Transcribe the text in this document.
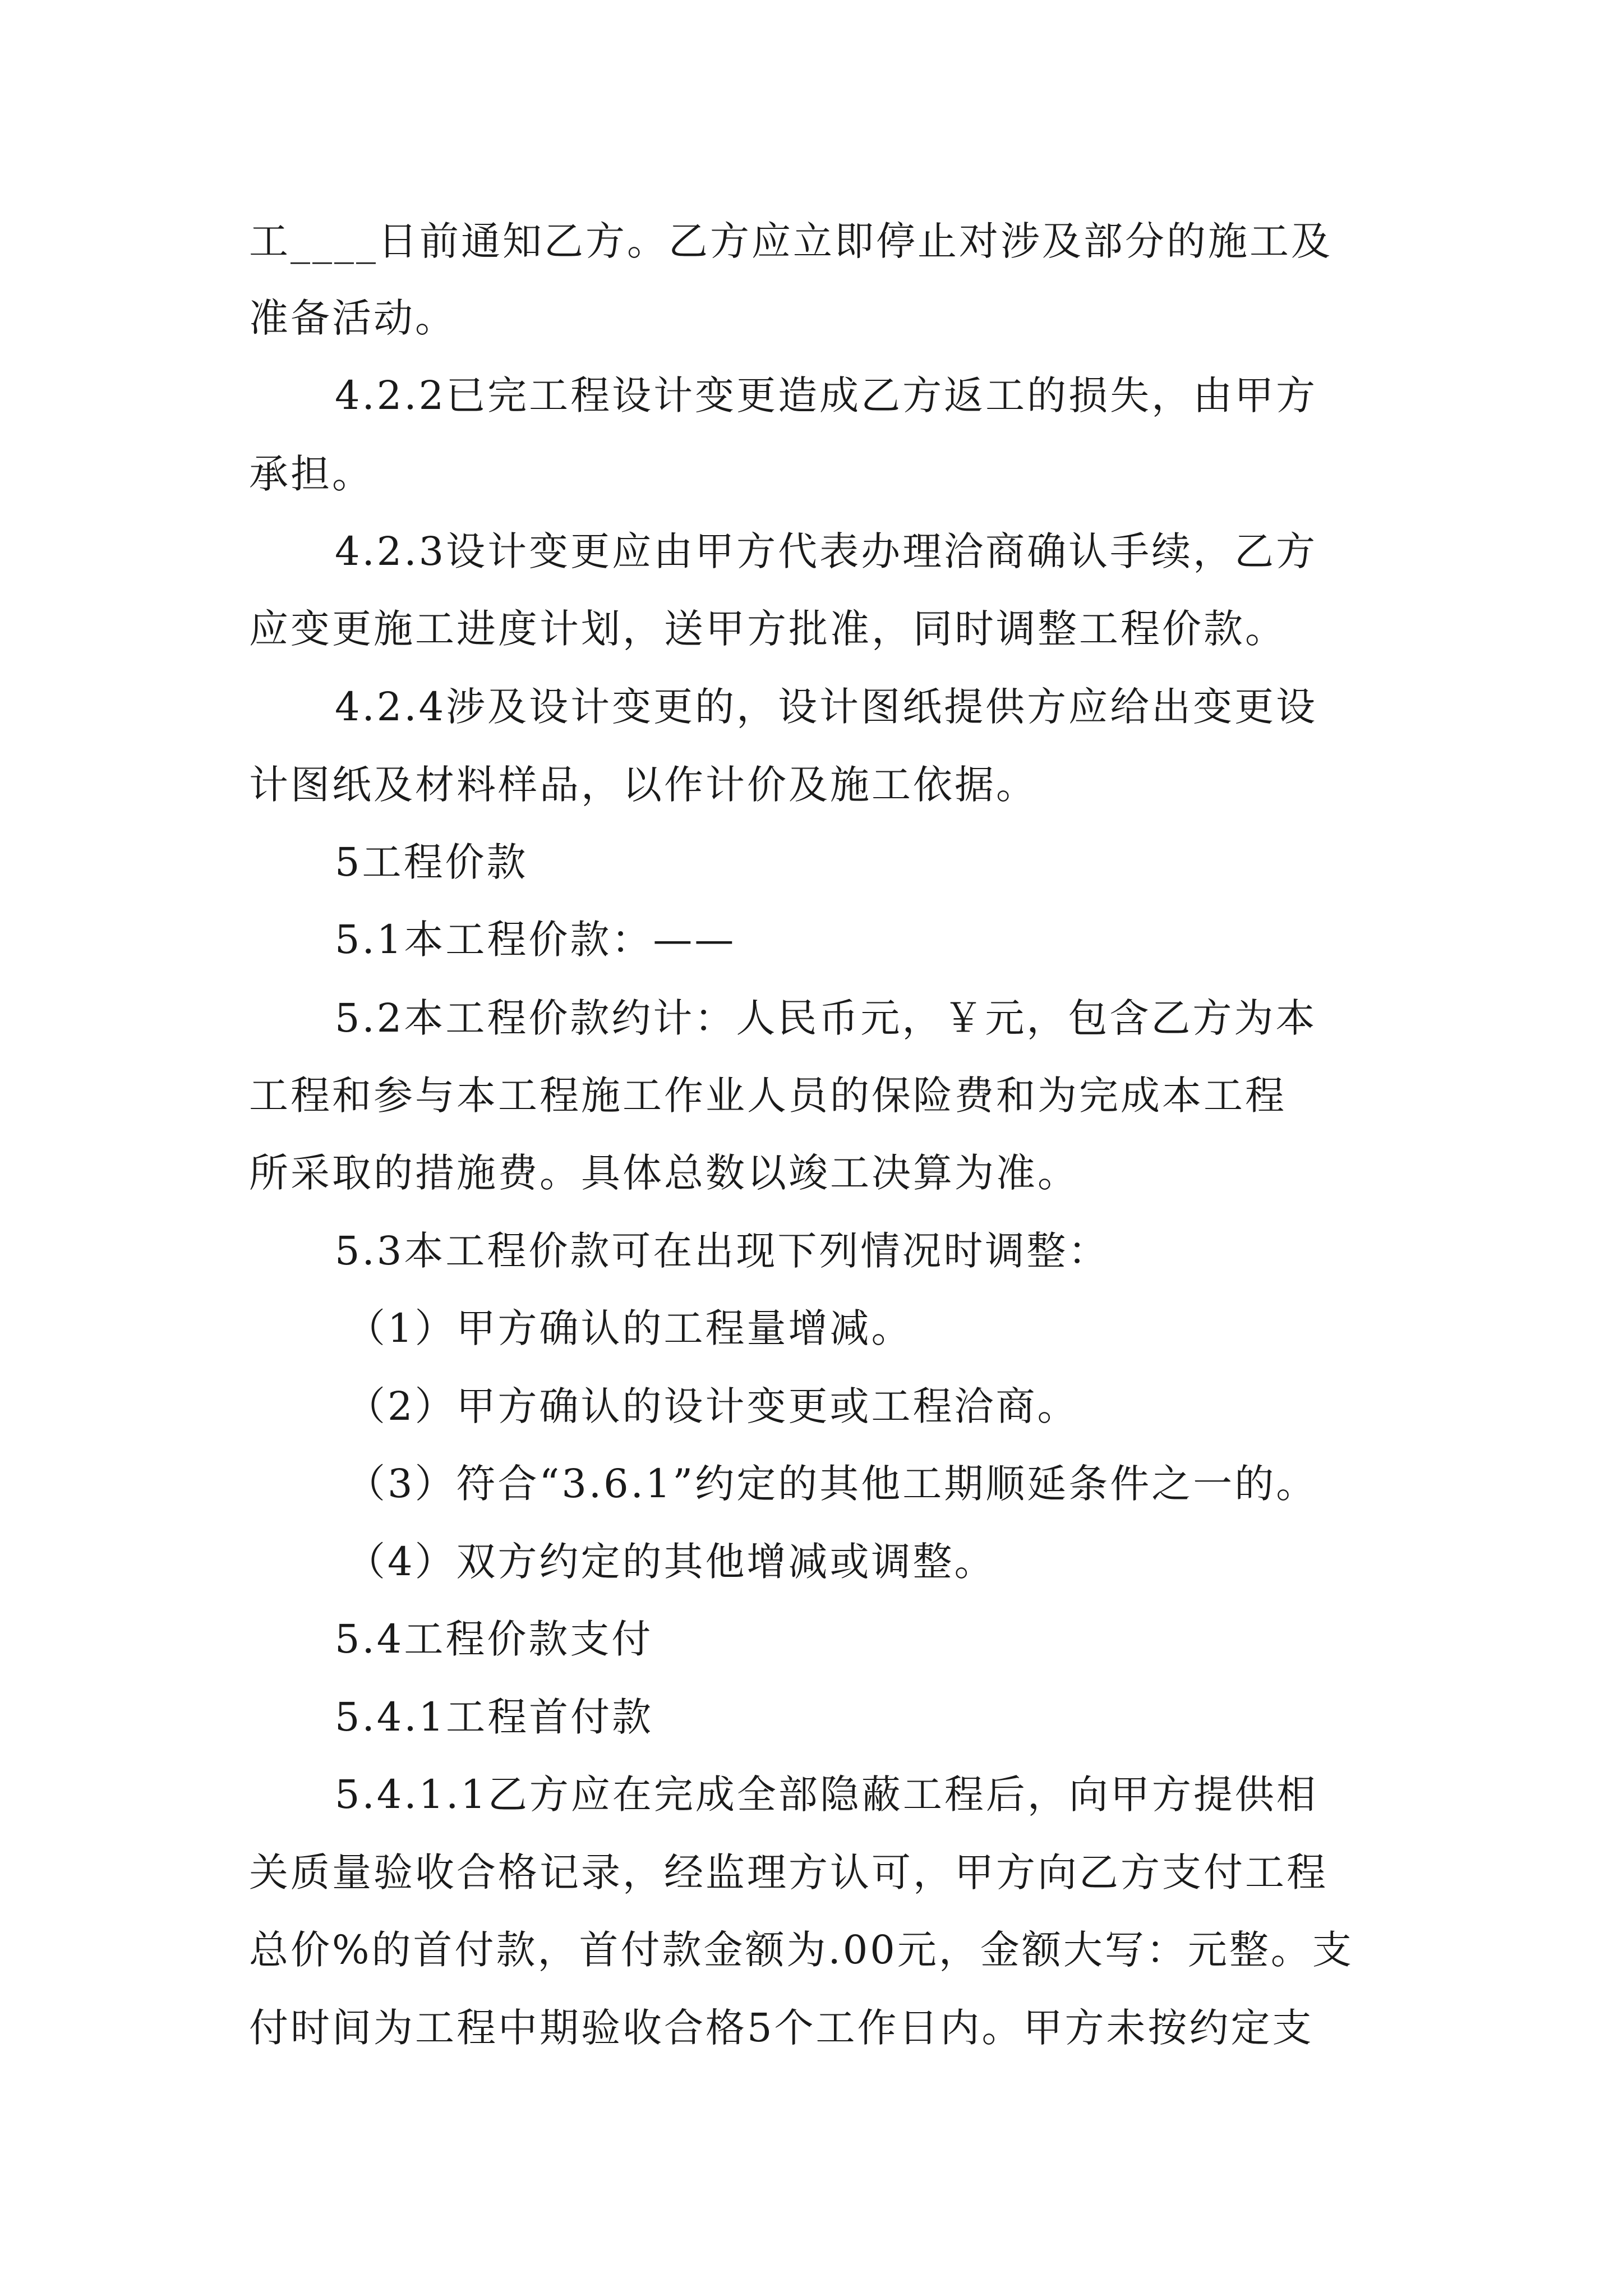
工____日前通知乙方。乙方应立即停止对涉及部分的施工及
准备活动。
4.2.2已完工程设计变更造成乙方返工的损失，由甲方
承担。
4.2.3设计变更应由甲方代表办理洽商确认手续，乙方
应变更施工进度计划，送甲方批准，同时调整工程价款。
4.2.4涉及设计变更的，设计图纸提供方应给出变更设
计图纸及材料样品，以作计价及施工依据。
5工程价款
5.1本工程价款：——
5.2本工程价款约计：人民币元，￥元，包含乙方为本
工程和参与本工程施工作业人员的保险费和为完成本工程
所采取的措施费。具体总数以竣工决算为准。
5.3本工程价款可在出现下列情况时调整：
（1）甲方确认的工程量增减。
（2）甲方确认的设计变更或工程洽商。
（3）符合“3.6.1”约定的其他工期顺延条件之一的。
（4）双方约定的其他增减或调整。
5.4工程价款支付
5.4.1工程首付款
5.4.1.1乙方应在完成全部隐蔽工程后，向甲方提供相
关质量验收合格记录，经监理方认可，甲方向乙方支付工程
总价%的首付款，首付款金额为.00元，金额大写：元整。支
付时间为工程中期验收合格5个工作日内。甲方未按约定支
